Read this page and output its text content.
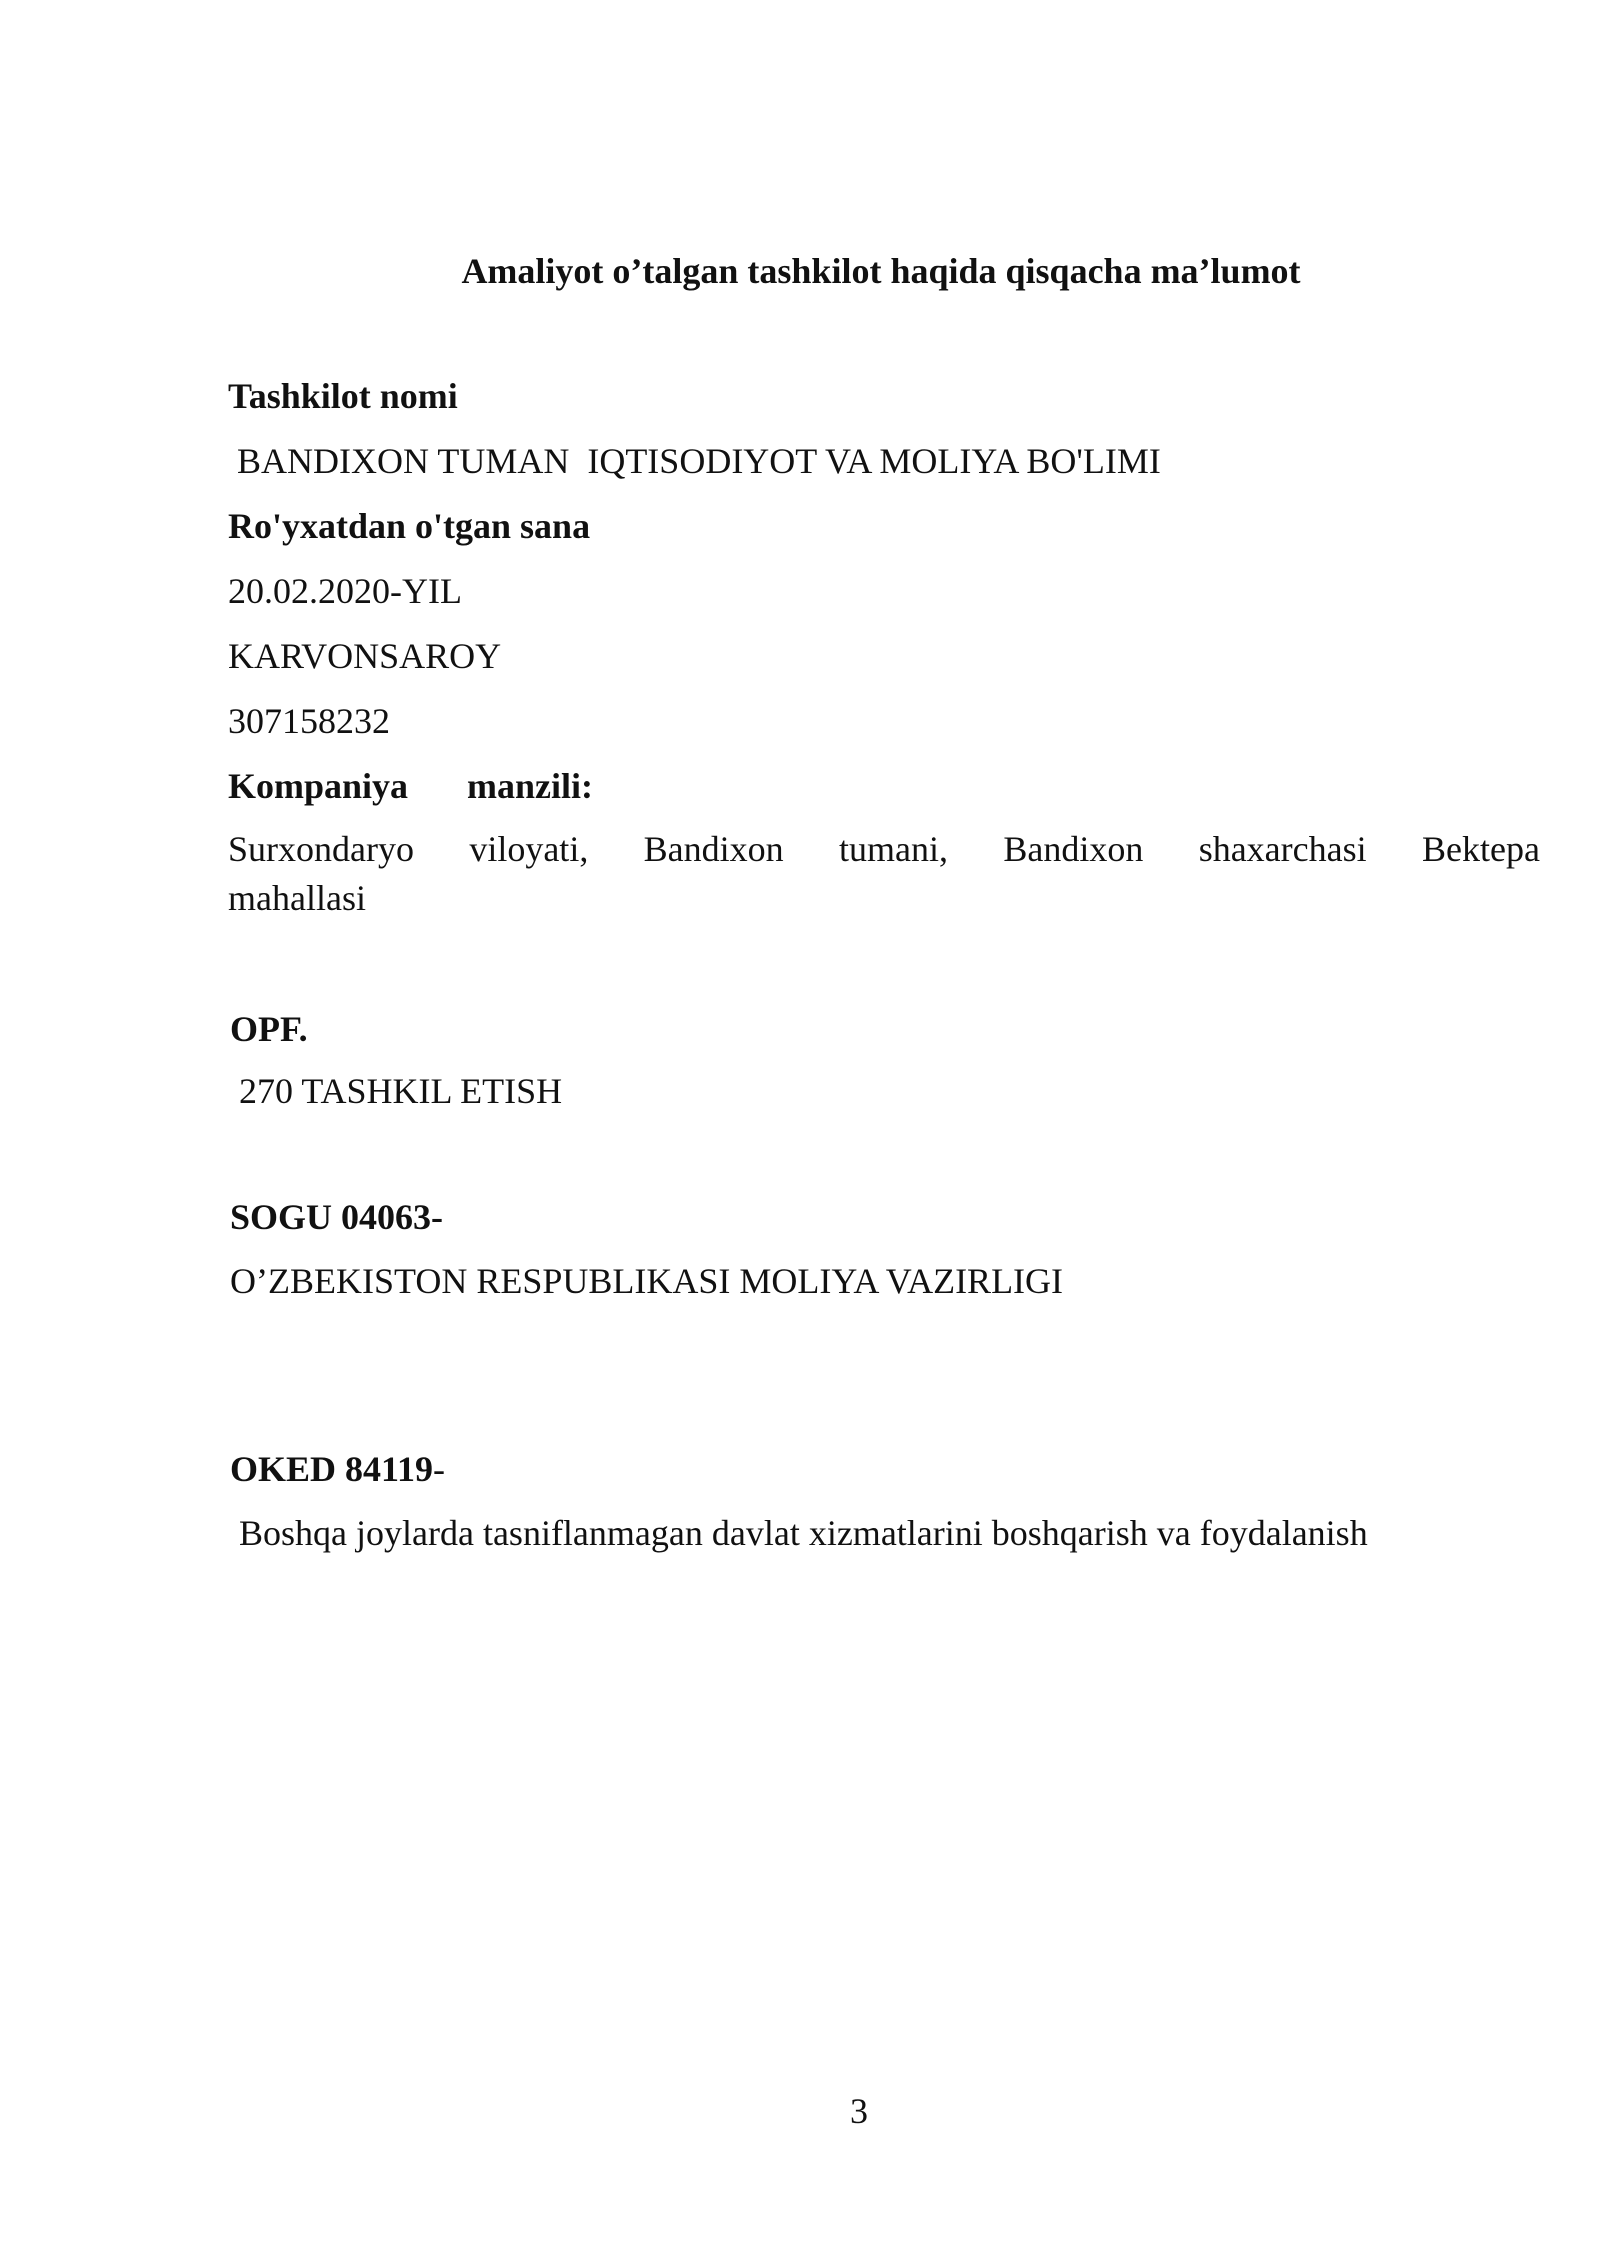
Amaliyot o’talgan tashkilot haqida qisqacha ma’lumot
Tashkilot nomi
BANDIXON TUMAN  IQTISODIYOT VA MOLIYA BO'LIMI
Ro'yxatdan o'tgan sana
20.02.2020-YIL
KARVONSAROY
307158232
Kompaniya manzili:
Surxondaryo viloyati, Bandixon tumani, Bandixon shaxarchasi Bektepa
mahallasi
OPF.
270 TASHKIL ETISH
SOGU 04063-
O’ZBEKISTON RESPUBLIKASI MOLIYA VAZIRLIGI
OKED 84119-
Boshqa joylarda tasniflanmagan davlat xizmatlarini boshqarish va foydalanish
3
